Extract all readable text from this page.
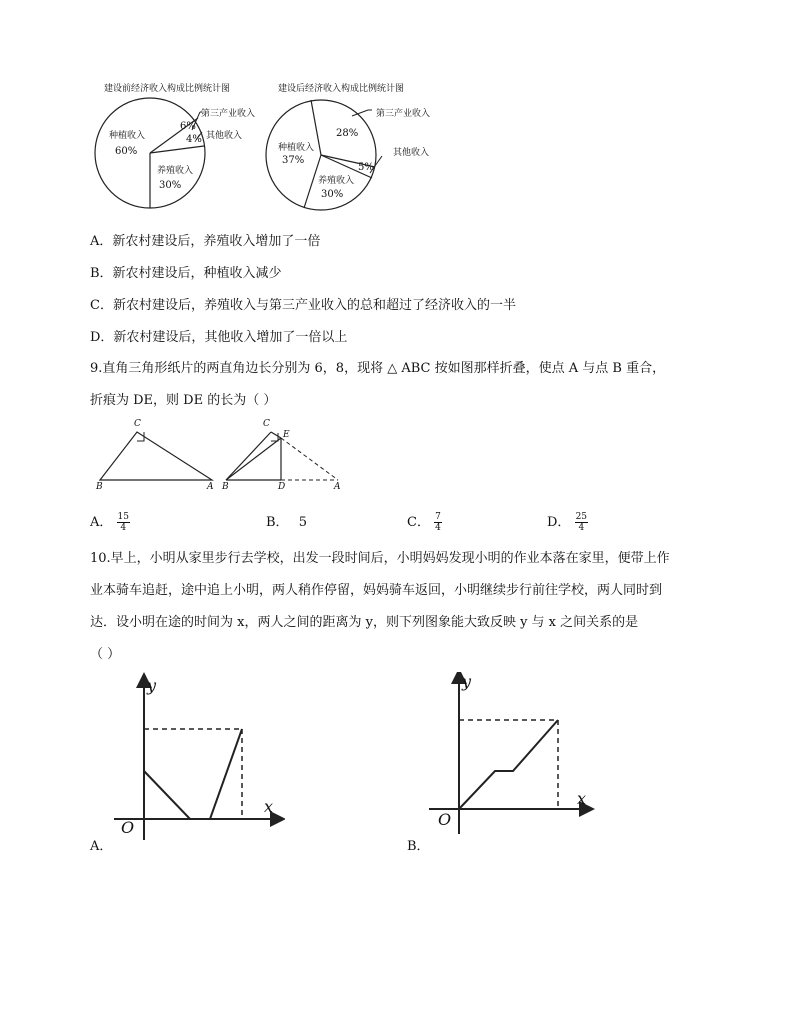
建设前经济收入构成比例统计图
第三产业收入
其他收入
6%
4%
种植收入
60%
养殖收入
30%
建设后经济收入构成比例统计图
第三产业收入
28%
其他收入
5%
种植收入
37%
养殖收入
30%
A．新农村建设后，养殖收入增加了一倍
B．新农村建设后，种植收入减少
C．新农村建设后，养殖收入与第三产业收入的总和超过了经济收入的一半
D．新农村建设后，其他收入增加了一倍以上
9.直角三角形纸片的两直角边长分别为 6，8，现将 △ ABC 按如图那样折叠，使点 A 与点 B 重合，
折痕为 DE，则 DE 的长为（ ）
C
B	A
C
E
B	D	A
A． $\frac{15}{4}$	B． 5	C． $\frac{7}{4}$	D． $\frac{25}{4}$
10.早上，小明从家里步行去学校，出发一段时间后，小明妈妈发现小明的作业本落在家里，便带上作
业本骑车追赶，途中追上小明，两人稍作停留，妈妈骑车返回，小明继续步行前往学校，两人同时到
达．设小明在途的时间为 x，两人之间的距离为 y，则下列图象能大致反映 y 与 x 之间关系的是
（ ）
y
x
O
A．
y
x
O
B．
